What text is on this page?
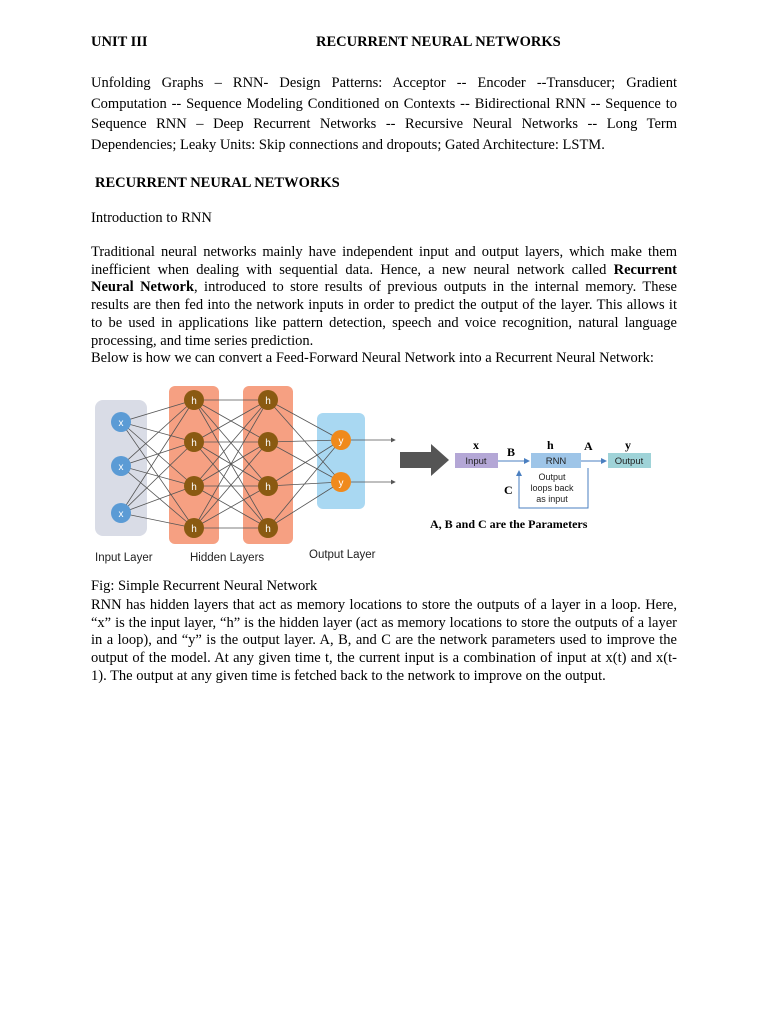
UNIT III	RECURRENT NEURAL NETWORKS
Unfolding Graphs – RNN- Design Patterns: Acceptor -- Encoder --Transducer; Gradient Computation -- Sequence Modeling Conditioned on Contexts -- Bidirectional RNN -- Sequence to Sequence RNN – Deep Recurrent Networks -- Recursive Neural Networks -- Long Term Dependencies; Leaky Units: Skip connections and dropouts; Gated Architecture: LSTM.
RECURRENT NEURAL NETWORKS
Introduction to RNN
Traditional neural networks mainly have independent input and output layers, which make them inefficient when dealing with sequential data. Hence, a new neural network called Recurrent Neural Network, introduced to store results of previous outputs in the internal memory. These results are then fed into the network inputs in order to predict the output of the layer. This allows it to be used in applications like pattern detection, speech and voice recognition, natural language processing, and time series prediction.
Below is how we can convert a Feed-Forward Neural Network into a Recurrent Neural Network:
x
x
x
h
h
h
h
h
h
h
h
y
y
Input Layer	Hidden Layers	Output Layer
x B	h	A	y
Input	RNN	Output
C
Output
loops back
as input
A, B and C are the Parameters
Fig: Simple Recurrent Neural Network
RNN has hidden layers that act as memory locations to store the outputs of a layer in a loop. Here, “x” is the input layer, “h” is the hidden layer (act as memory locations to store the outputs of a layer in a loop), and “y” is the output layer. A, B, and C are the network parameters used to improve the output of the model. At any given time t, the current input is a combination of input at x(t) and x(t-1). The output at any given time is fetched back to the network to improve on the output.
